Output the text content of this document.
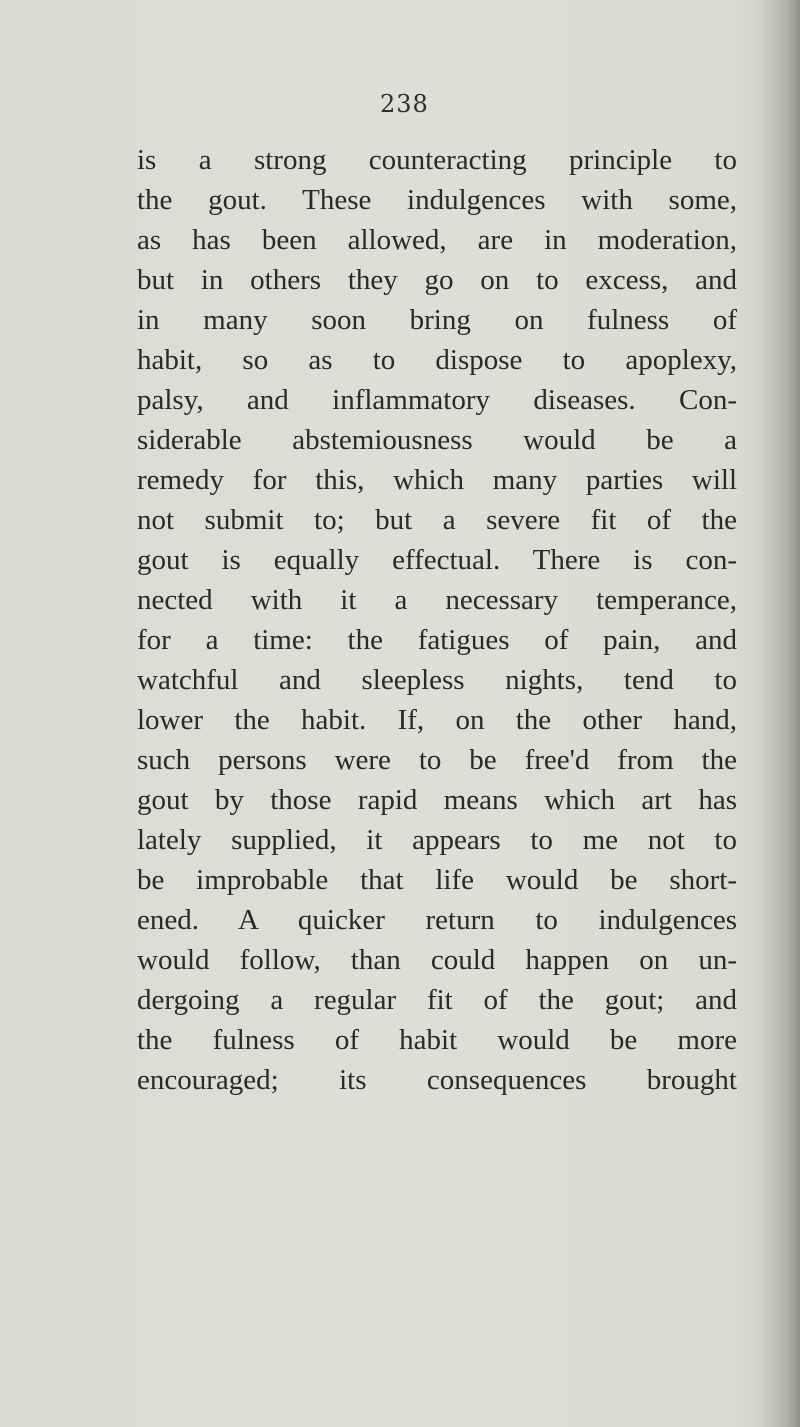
238
is a strong counteracting principle to
the gout. These indulgences with some,
as has been allowed, are in moderation,
but in others they go on to excess, and
in many soon bring on fulness of
habit, so as to dispose to apoplexy,
palsy, and inflammatory diseases. Con-
siderable abstemiousness would be a
remedy for this, which many parties will
not submit to; but a severe fit of the
gout is equally effectual. There is con-
nected with it a necessary temperance,
for a time: the fatigues of pain, and
watchful and sleepless nights, tend to
lower the habit. If, on the other hand,
such persons were to be free'd from the
gout by those rapid means which art has
lately supplied, it appears to me not to
be improbable that life would be short-
ened. A quicker return to indulgences
would follow, than could happen on un-
dergoing a regular fit of the gout; and
the fulness of habit would be more
encouraged; its consequences brought
